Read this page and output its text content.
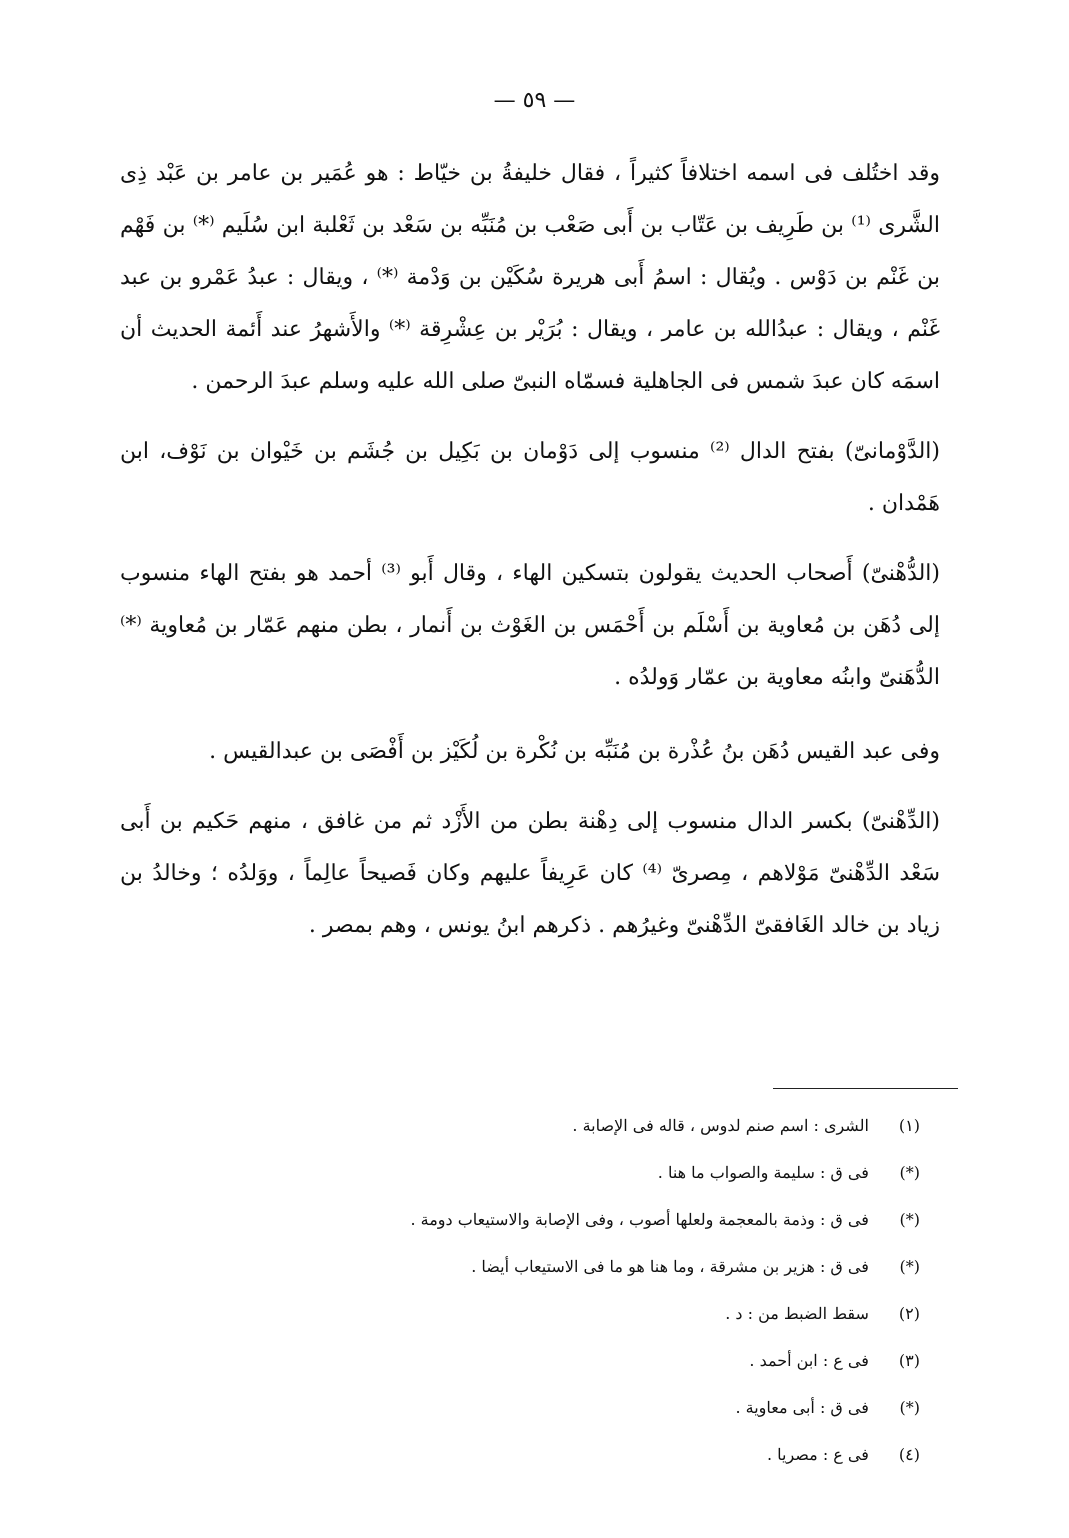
— ٥٩ —

وقد اختُلف فى اسمه اختلافاً كثيراً ، فقال خليفةُ بن خيّاط : هو عُمَير بن عامر بن عَبْد ذِى الشَّرى ⁽¹⁾ بن طَرِيف بن عَتّاب بن أَبى صَعْب بن مُنَبِّه بن سَعْد بن ثَعْلبة ابن سُلَيم ⁽*⁾ بن فَهْم بن غَنْم بن دَوْس . ويُقال : اسمُ أَبى هريرة سُكَيْن بن وَدْمة ⁽*⁾ ، ويقال : عبدُ عَمْرو بن عبد غَنْم ، ويقال : عبدُالله بن عامر ، ويقال : بُرَيْر بن عِشْرِقة ⁽*⁾ والأَشهرُ عند أَئمة الحديث أن اسمَه كان عبدَ شمس فى الجاهلية فسمّاه النبىّ صلى الله عليه وسلم عبدَ الرحمن .

(الدَّوْمانىّ) بفتح الدال ⁽²⁾ منسوب إلى دَوْمان بن بَكِيل بن جُشَم بن خَيْوان بن نَوْف، ابن هَمْدان .

(الدُّهْنىّ) أَصحاب الحديث يقولون بتسكين الهاء ، وقال أَبو ⁽³⁾ أحمد هو بفتح الهاء منسوب إلى دُهَن بن مُعاوية بن أَسْلَم بن أَحْمَس بن الغَوْث بن أَنمار ، بطن منهم عَمّار بن مُعاوية ⁽*⁾ الدُّهَنىّ وابنُه معاوية بن عمّار وَولدُه .

وفى عبد القيس دُهَن بنُ عُذْرة بن مُنَبِّه بن نُكْرة بن لُكَيْز بن أَفْصَى بن عبدالقيس .

(الدِّهْنىّ) بكسر الدال منسوب إلى دِهْنة بطن من الأَزْد ثم من غافق ، منهم حَكيم بن أَبى سَعْد الدِّهْنىّ مَوْلاهم ، مِصرىّ ⁽⁴⁾ كان عَرِيفاً عليهم وكان فَصيحاً عالِماً ، ووَلدُه ؛ وخالدُ بن زياد بن خالد الغَافقىّ الدِّهْنىّ وغيرُهم . ذكرهم ابنُ يونس ، وهم بمصر .

(١) الشرى : اسم صنم لدوس ، قاله فى الإصابة .
(*) فى ق : سليمة والصواب ما هنا .
(*) فى ق : وذمة بالمعجمة ولعلها أصوب ، وفى الإصابة والاستيعاب دومة .
(*) فى ق : هزير بن مشرقة ، وما هنا هو ما فى الاستيعاب أيضا .
(٢) سقط الضبط من : د .
(٣) فى ع : ابن أحمد .
(*) فى ق : أبى معاوية .
(٤) فى ع : مصريا .
